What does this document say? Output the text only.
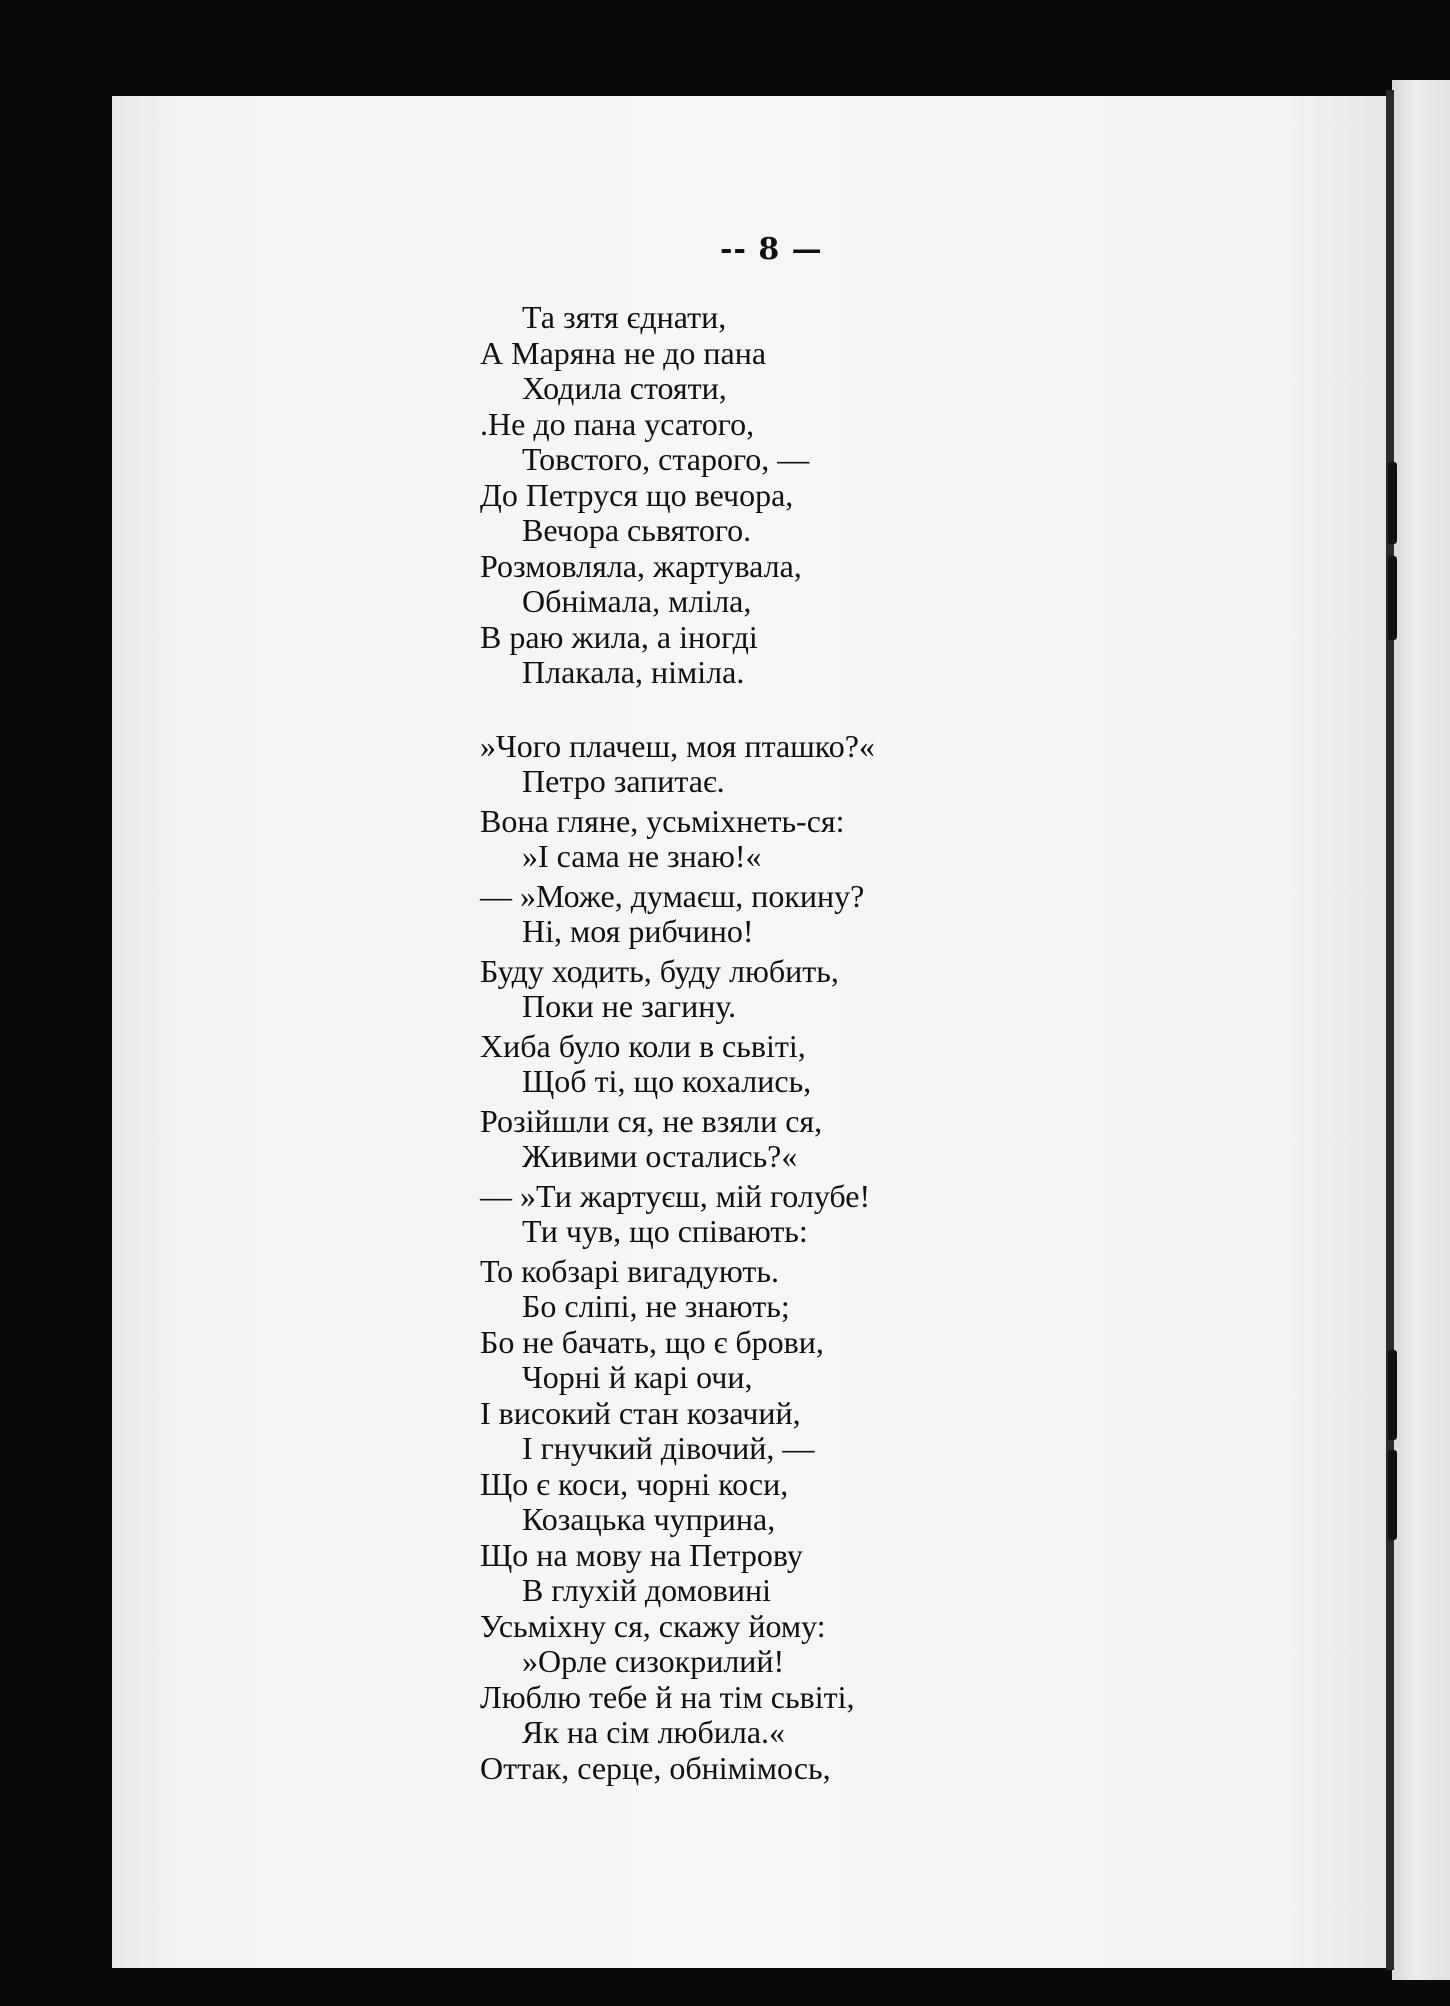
-- 8 —
Та зятя єднати,
А Маряна не до пана
Ходила стояти,
.Не до пана усатого,
Товстого, старого, —
До Петруся що вечора,
Вечора сьвятого.
Розмовляла, жартувала,
Обнімала, мліла,
В раю жила, а іногді
Плакала, німіла.
»Чого плачеш, моя пташко?«
Петро запитає.
Вона гляне, усьміхнеть-ся:
»І сама не знаю!«
— »Може, думаєш, покину?
Ні, моя рибчино!
Буду ходить, буду любить,
Поки не загину.
Хиба було коли в сьвіті,
Щоб ті, що кохались,
Розійшли ся, не взяли ся,
Живими остались?«
— »Ти жартуєш, мій голубе!
Ти чув, що співають:
То кобзарі вигадують.
Бо сліпі, не знають;
Бо не бачать, що є брови,
Чорні й карі очи,
І високий стан козачий,
І гнучкий дівочий, —
Що є коси, чорні коси,
Козацька чуприна,
Що на мову на Петрову
В глухій домовині
Усьміхну ся, скажу йому:
»Орле сизокрилий!
Люблю тебе й на тім сьвіті,
Як на сім любила.«
Оттак, серце, обнімімось,
